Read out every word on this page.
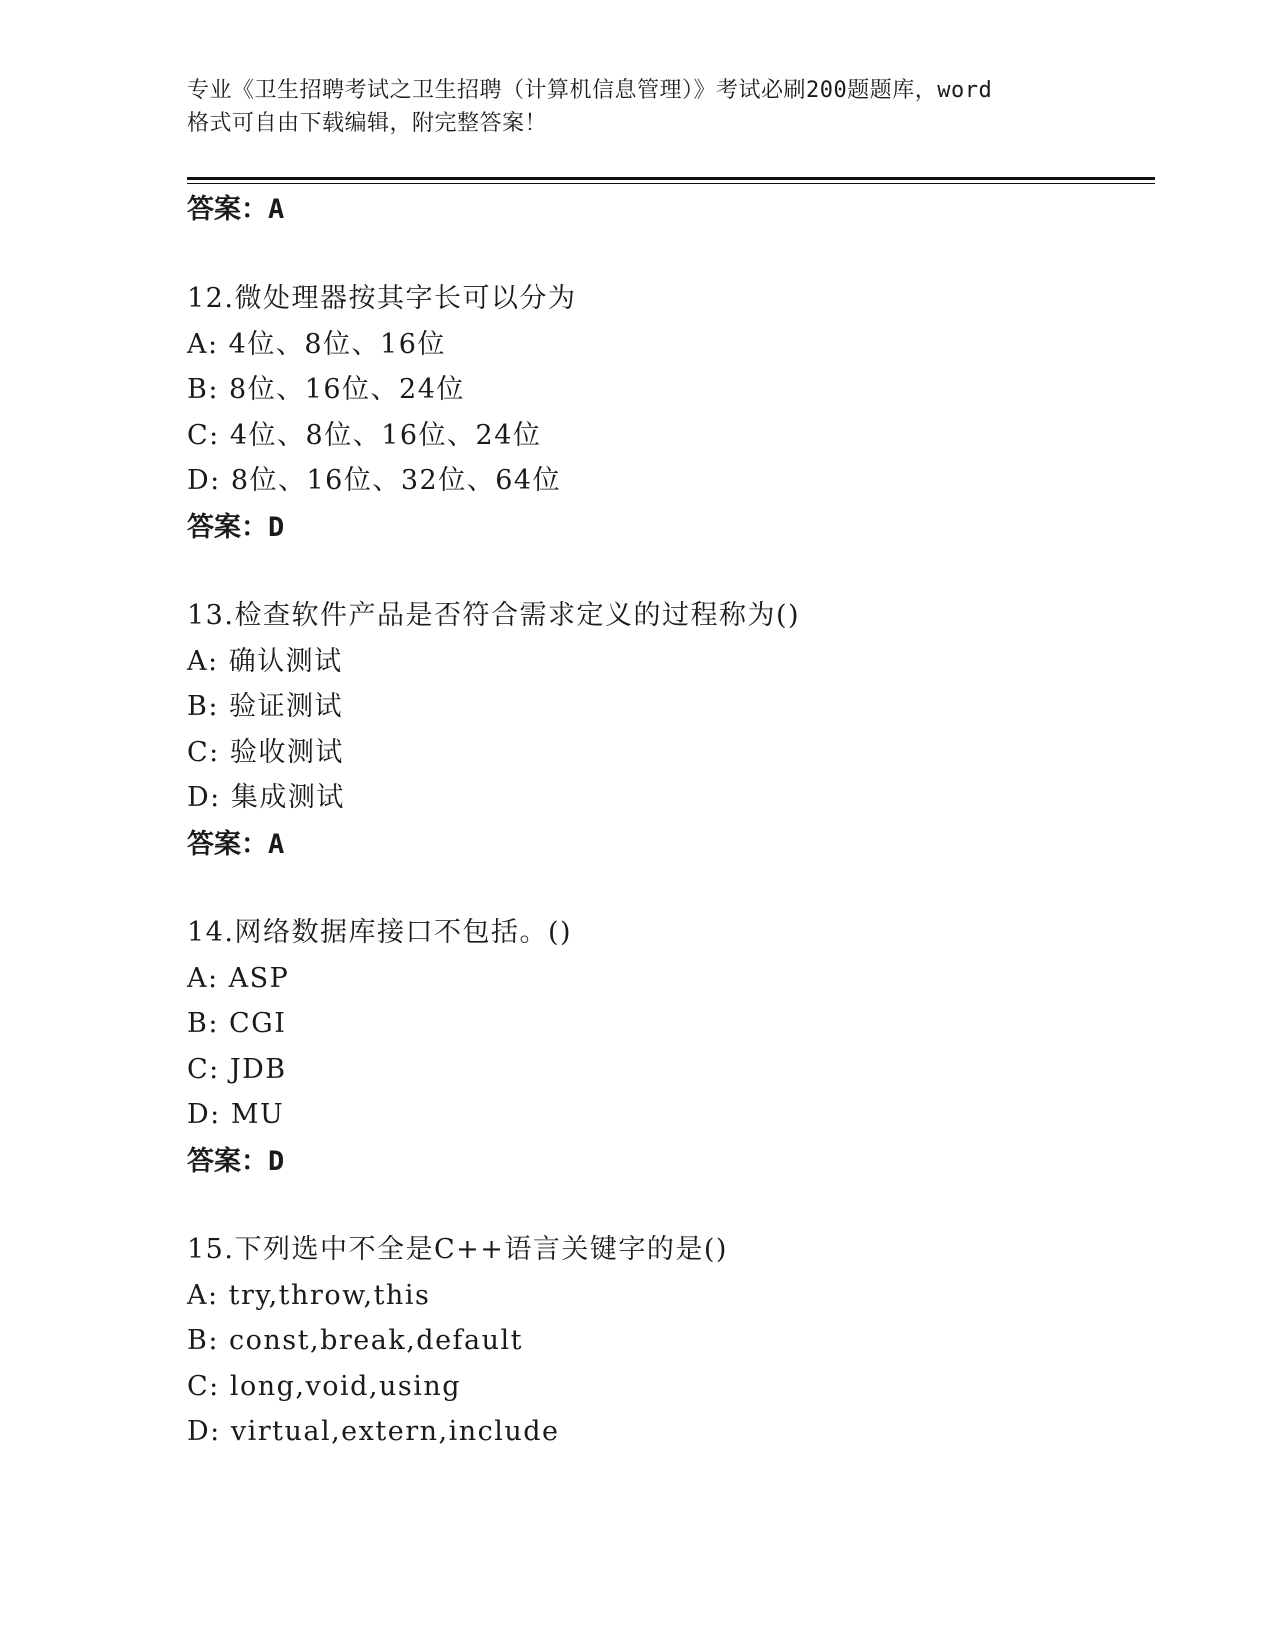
专业《卫生招聘考试之卫生招聘（计算机信息管理）》考试必刷200题题库，word
格式可自由下载编辑，附完整答案！
答案：A
12.微处理器按其字长可以分为
A: 4位、8位、16位
B: 8位、16位、24位
C: 4位、8位、16位、24位
D: 8位、16位、32位、64位
答案：D
13.检查软件产品是否符合需求定义的过程称为()
A: 确认测试
B: 验证测试
C: 验收测试
D: 集成测试
答案：A
14.网络数据库接口不包括。()
A: ASP
B: CGI
C: JDB
D: MU
答案：D
15.下列选中不全是C++语言关键字的是()
A: try,throw,this
B: const,break,default
C: long,void,using
D: virtual,extern,include
